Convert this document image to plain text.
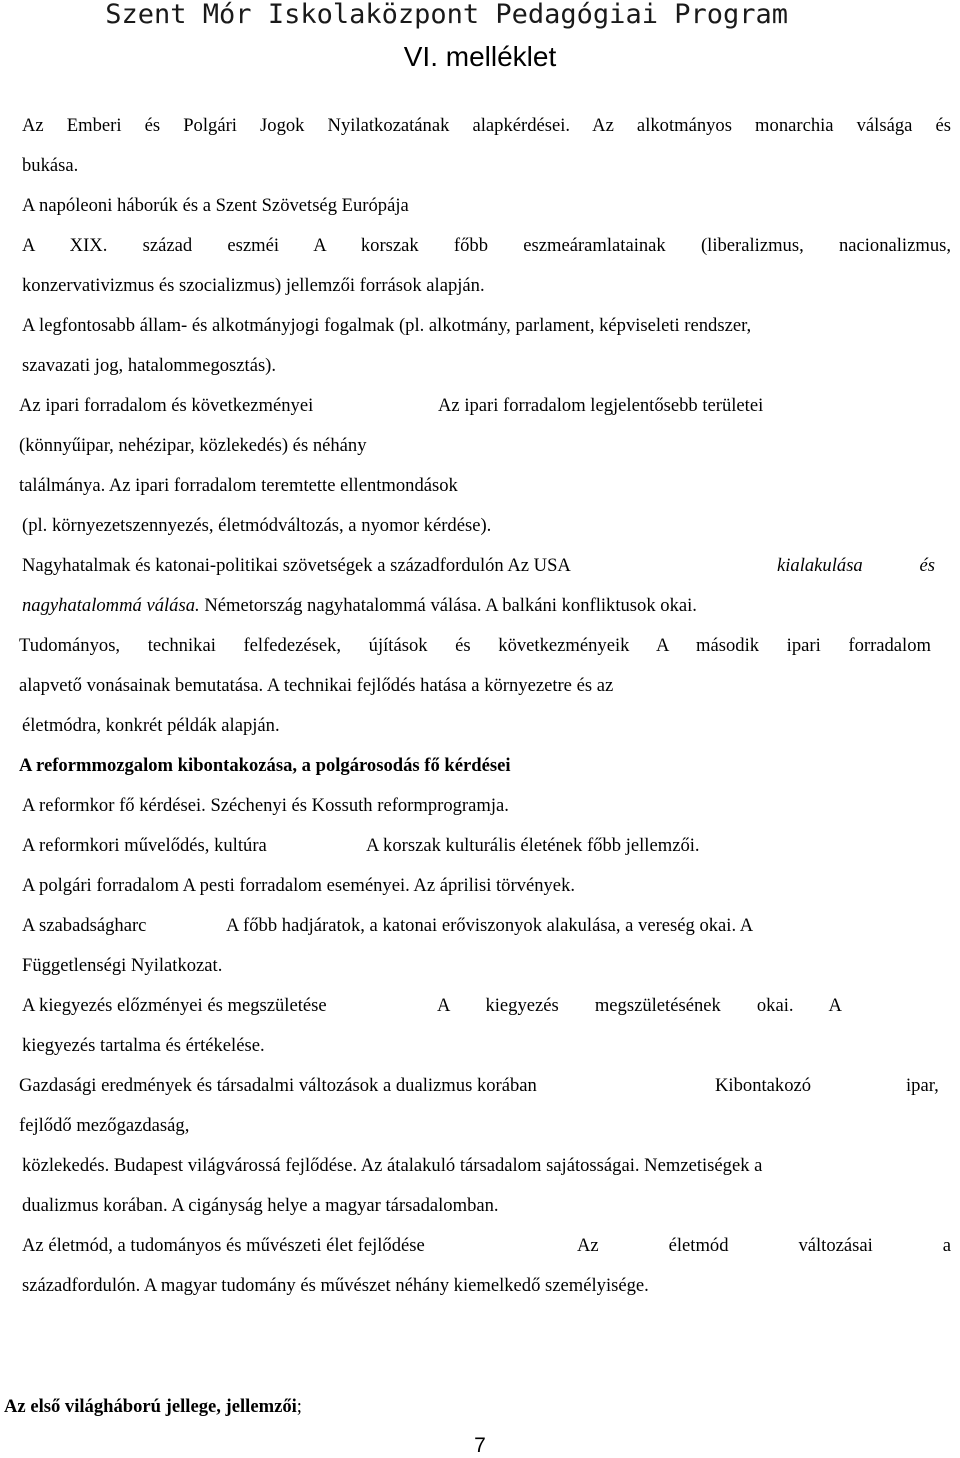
Szent Mór Iskolaközpont Pedagógiai Program
VI. melléklet
Az Emberi és Polgári Jogok Nyilatkozatának alapkérdései. Az alkotmányos monarchia válsága és
bukása.
A napóleoni háborúk és a Szent Szövetség Európája
A XIX. század eszméi A korszak főbb eszmeáramlatainak (liberalizmus, nacionalizmus,
konzervativizmus és szocializmus) jellemzői források alapján.
A legfontosabb állam- és alkotmányjogi fogalmak (pl. alkotmány, parlament, képviseleti rendszer,
szavazati jog, hatalommegosztás).
Az ipari forradalom és következményei	Az ipari forradalom legjelentősebb területei
(könnyűipar, nehézipar, közlekedés) és néhány
találmánya. Az ipari forradalom teremtette ellentmondások
(pl. környezetszennyezés, életmódváltozás, a nyomor kérdése).
Nagyhatalmak és katonai-politikai szövetségek a századfordulón Az USA	kialakulása és
nagyhatalommá válása. Németország nagyhatalommá válása. A balkáni konfliktusok okai.
Tudományos, technikai felfedezések, újítások és következményeik A második ipari forradalom
alapvető vonásainak bemutatása. A technikai fejlődés hatása a környezetre és az
életmódra, konkrét példák alapján.
A reformmozgalom kibontakozása, a polgárosodás fő kérdései
A reformkor fő kérdései. Széchenyi és Kossuth reformprogramja.
A reformkori művelődés, kultúra	A korszak kulturális életének főbb jellemzői.
A polgári forradalom A pesti forradalom eseményei. Az áprilisi törvények.
A szabadságharc	A főbb hadjáratok, a katonai erőviszonyok alakulása, a vereség okai. A
Függetlenségi Nyilatkozat.
A kiegyezés előzményei és megszületése	A kiegyezés megszületésének okai. A
kiegyezés tartalma és értékelése.
Gazdasági eredmények és társadalmi változások a dualizmus korában	Kibontakozó	ipar,
fejlődő mezőgazdaság,
közlekedés. Budapest világvárossá fejlődése. Az átalakuló társadalom sajátosságai. Nemzetiségek a
dualizmus korában. A cigányság helye a magyar társadalomban.
Az életmód, a tudományos és művészeti élet fejlődése	Az életmód változásai a
századfordulón. A magyar tudomány és művészet néhány kiemelkedő személyisége.
Az első világháború jellege, jellemzői;
7
